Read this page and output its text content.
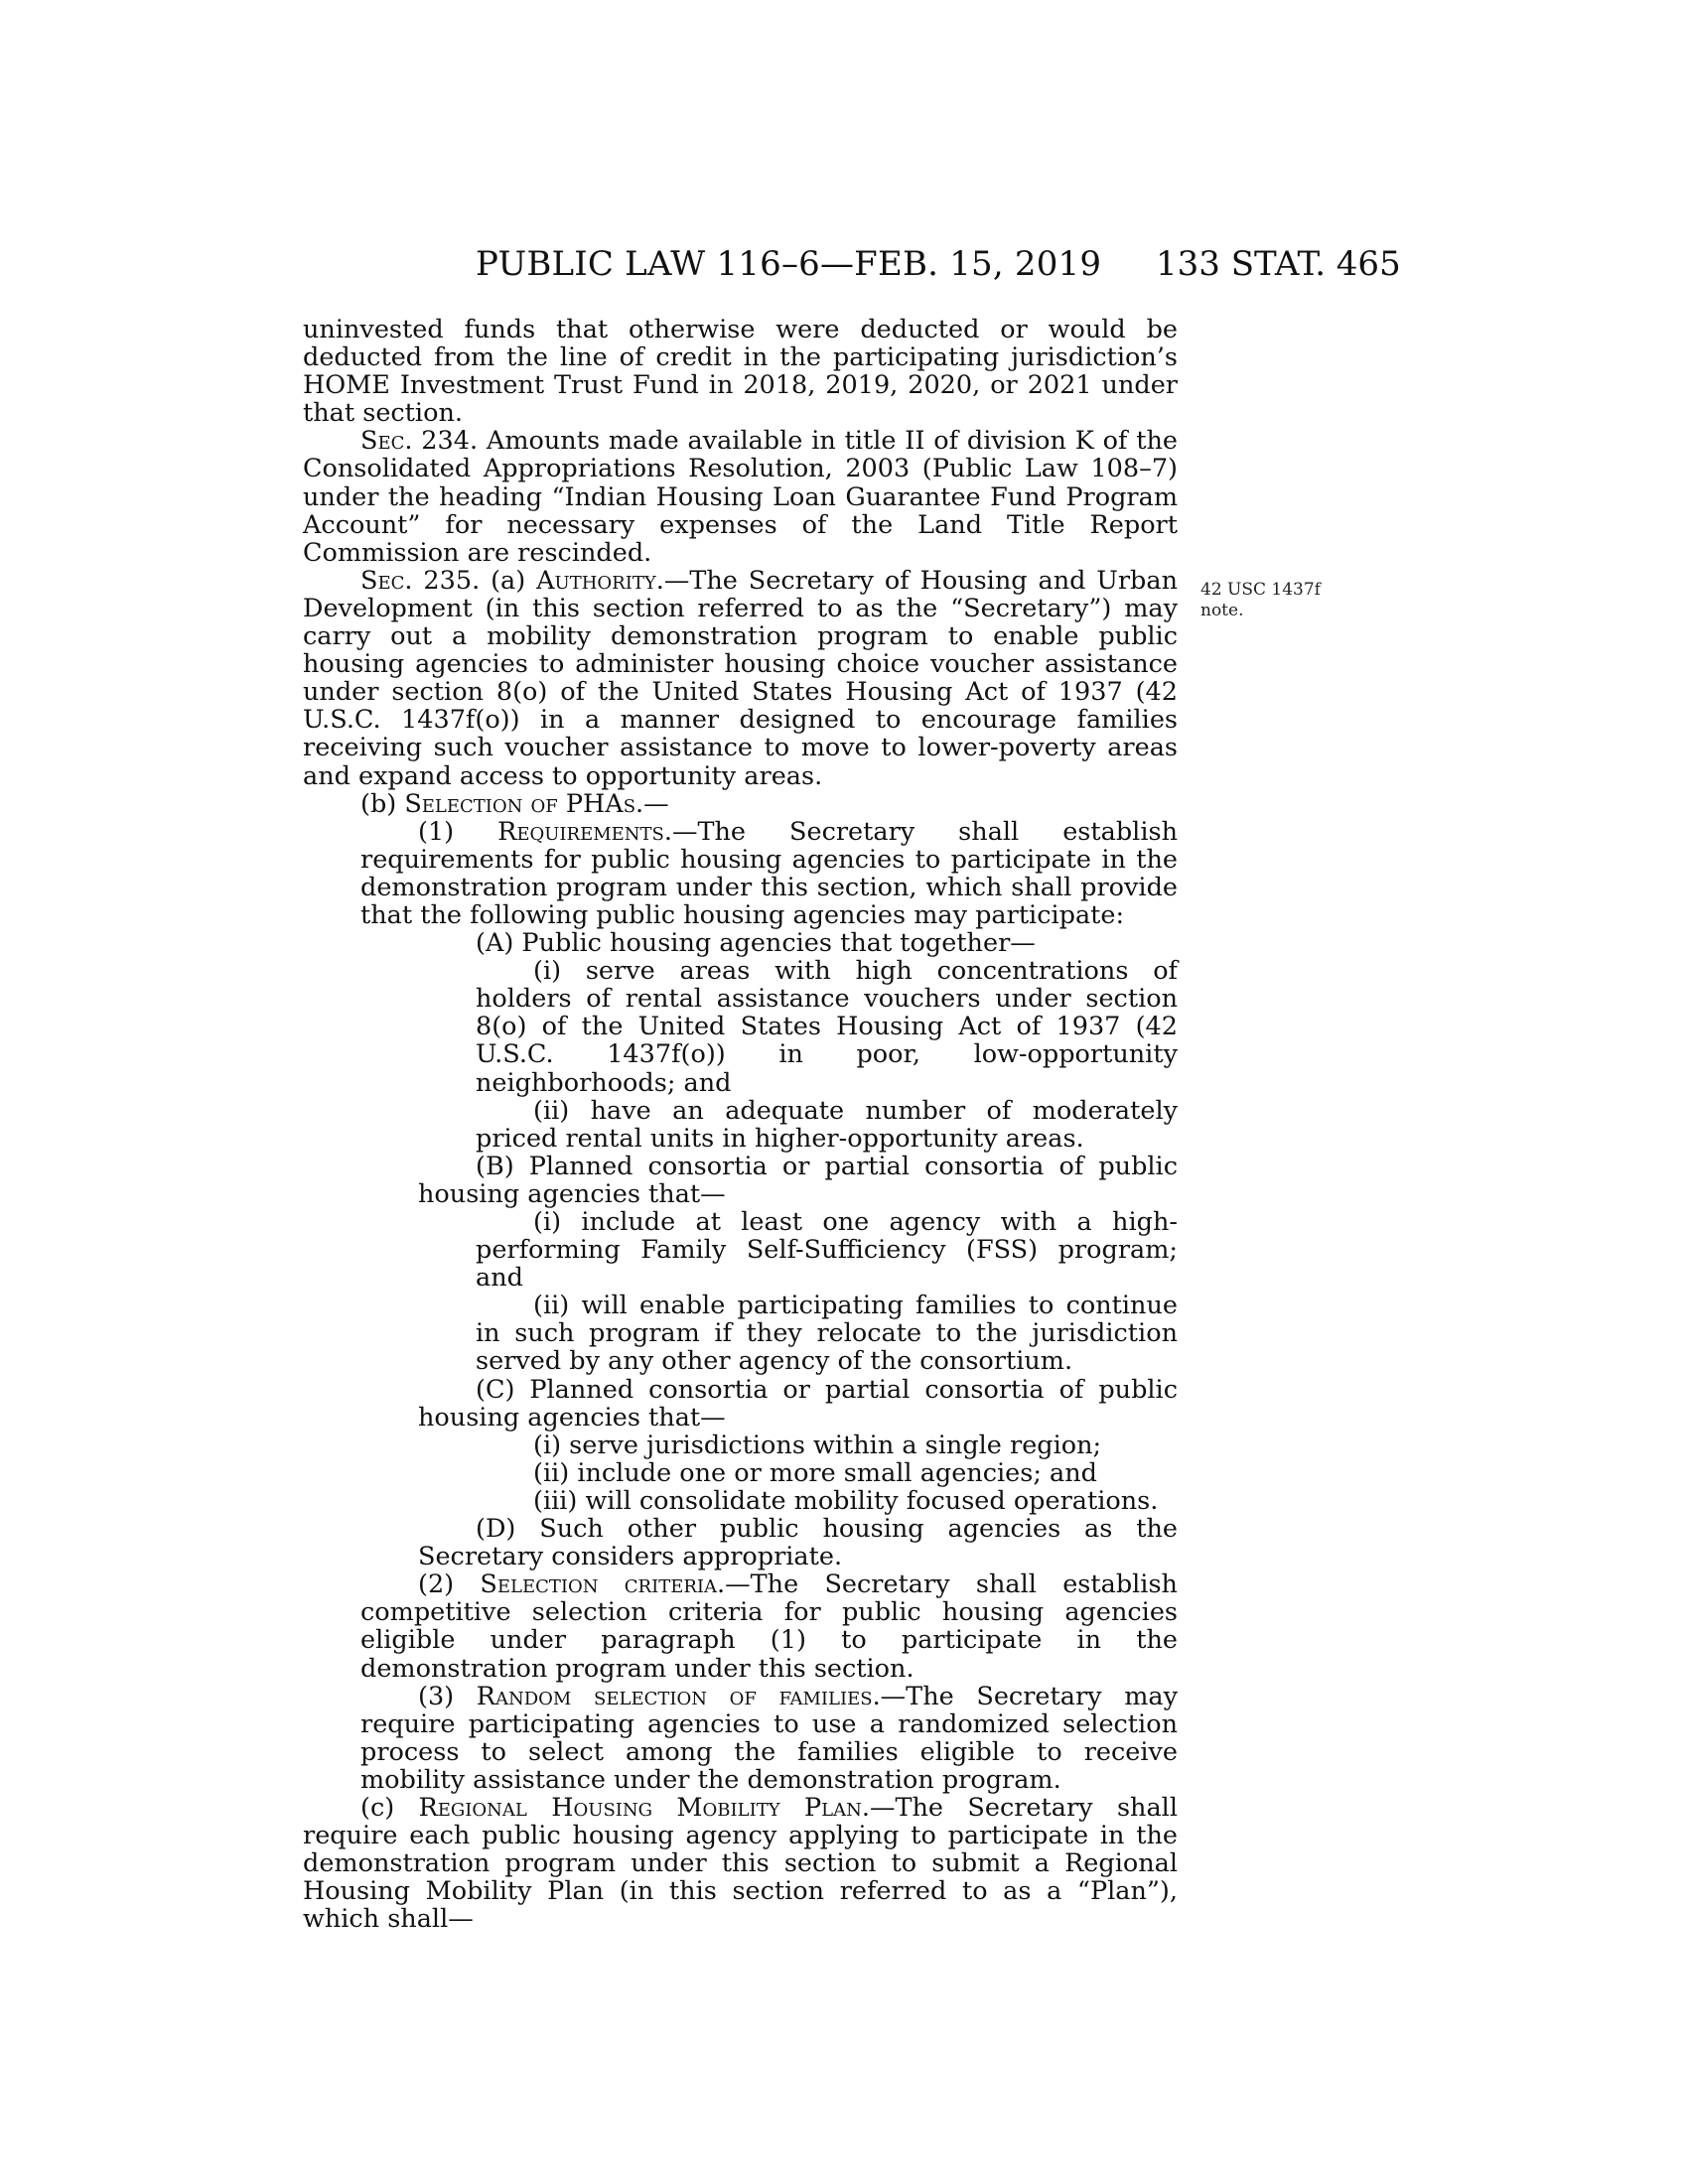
PUBLIC LAW 116–6—FEB. 15, 2019 133 STAT. 465
42 USC 1437f
note.

uninvested funds that otherwise were deducted or would be deducted from the line of credit in the participating jurisdiction’s HOME Investment Trust Fund in 2018, 2019, 2020, or 2021 under that section.

Sec. 234. Amounts made available in title II of division K of the Consolidated Appropriations Resolution, 2003 (Public Law 108–7) under the heading “Indian Housing Loan Guarantee Fund Program Account” for necessary expenses of the Land Title Report Commission are rescinded.

Sec. 235. (a) Authority.—The Secretary of Housing and Urban Development (in this section referred to as the “Secretary”) may carry out a mobility demonstration program to enable public housing agencies to administer housing choice voucher assistance under section 8(o) of the United States Housing Act of 1937 (42 U.S.C. 1437f(o)) in a manner designed to encourage families receiving such voucher assistance to move to lower-poverty areas and expand access to opportunity areas.

(b) Selection of PHAs.—

(1) Requirements.—The Secretary shall establish requirements for public housing agencies to participate in the demonstration program under this section, which shall provide that the following public housing agencies may participate:

(A) Public housing agencies that together—

(i) serve areas with high concentrations of holders of rental assistance vouchers under section 8(o) of the United States Housing Act of 1937 (42 U.S.C. 1437f(o)) in poor, low-opportunity neighborhoods; and

(ii) have an adequate number of moderately priced rental units in higher-opportunity areas.

(B) Planned consortia or partial consortia of public housing agencies that—

(i) include at least one agency with a high-performing Family Self-Sufficiency (FSS) program; and

(ii) will enable participating families to continue in such program if they relocate to the jurisdiction served by any other agency of the consortium.

(C) Planned consortia or partial consortia of public housing agencies that—

(i) serve jurisdictions within a single region;

(ii) include one or more small agencies; and

(iii) will consolidate mobility focused operations.

(D) Such other public housing agencies as the Secretary considers appropriate.

(2) Selection criteria.—The Secretary shall establish competitive selection criteria for public housing agencies eligible under paragraph (1) to participate in the demonstration program under this section.

(3) Random selection of families.—The Secretary may require participating agencies to use a randomized selection process to select among the families eligible to receive mobility assistance under the demonstration program.

(c) Regional Housing Mobility Plan.—The Secretary shall require each public housing agency applying to participate in the demonstration program under this section to submit a Regional Housing Mobility Plan (in this section referred to as a “Plan”), which shall—
